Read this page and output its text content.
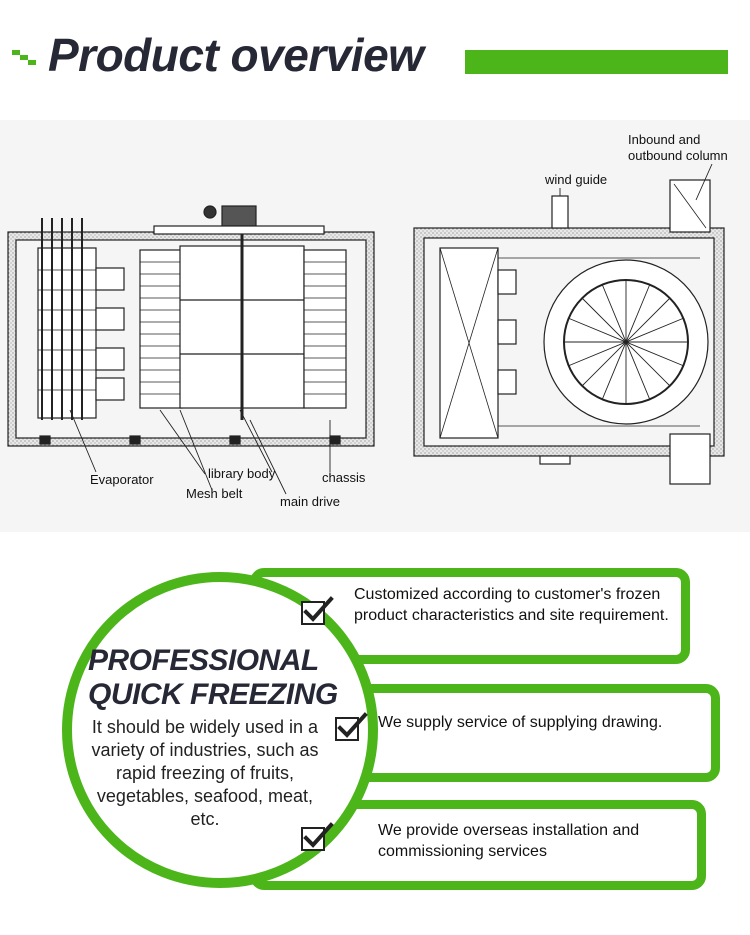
Product overview
Inbound and
outbound column
wind guide
Evaporator	library body	chassis
Mesh belt
main drive
Customized according to customer's frozen product characteristics and site requirement.
We supply service of supplying drawing.
We provide overseas installation and commissioning services
PROFESSIONAL
QUICK FREEZING
It should be widely used in a variety of industries, such as rapid freezing of fruits, vegetables, seafood, meat, etc.
